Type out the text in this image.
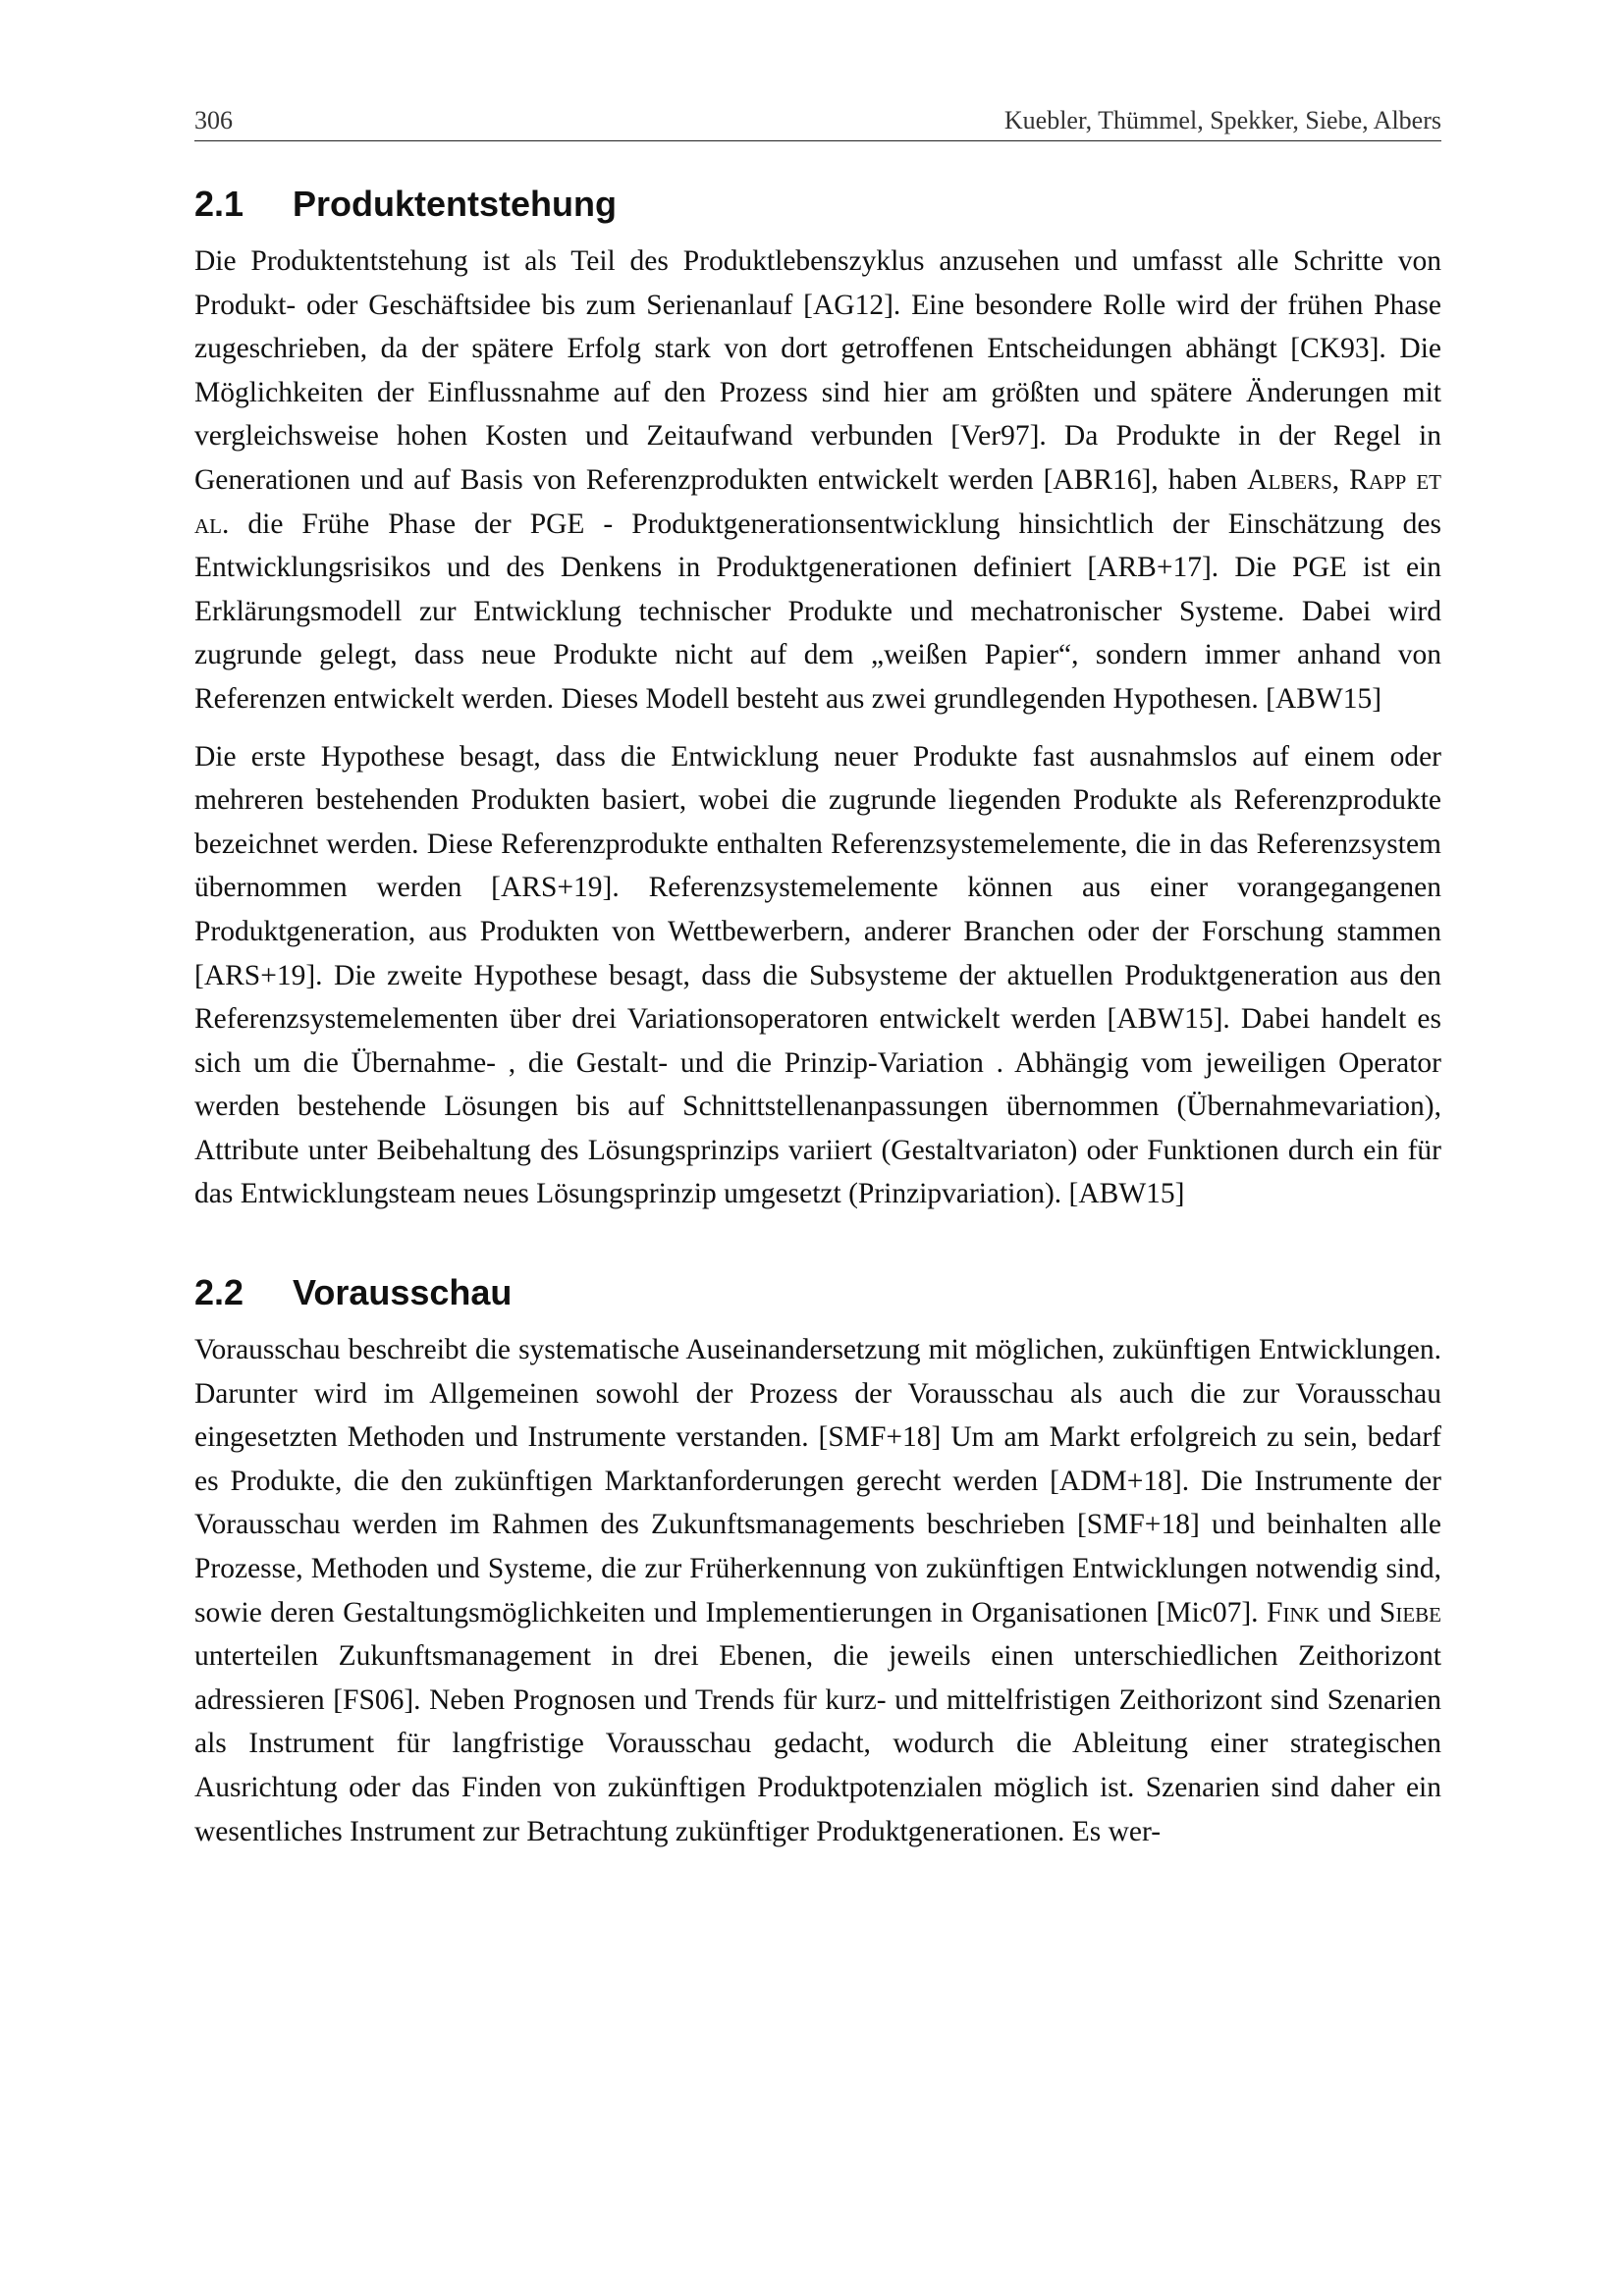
306	Kuebler, Thümmel, Spekker, Siebe, Albers
2.1	Produktentstehung

Die Produktentstehung ist als Teil des Produktlebenszyklus anzusehen und umfasst alle Schritte von Produkt- oder Geschäftsidee bis zum Serienanlauf [AG12]. Eine besondere Rolle wird der frühen Phase zugeschrieben, da der spätere Erfolg stark von dort getroffenen Entscheidungen abhängt [CK93]. Die Möglichkeiten der Einflussnahme auf den Prozess sind hier am größten und spätere Änderungen mit vergleichsweise hohen Kosten und Zeitaufwand verbunden [Ver97]. Da Produkte in der Regel in Generationen und auf Basis von Referenzprodukten entwickelt werden [ABR16], haben Albers, Rapp et al. die Frühe Phase der PGE - Produktgenerationsentwicklung hinsichtlich der Einschätzung des Entwicklungsrisikos und des Denkens in Produktgenerationen definiert [ARB+17]. Die PGE ist ein Erklärungsmodell zur Entwicklung technischer Produkte und mechatronischer Systeme. Dabei wird zugrunde gelegt, dass neue Produkte nicht auf dem „weißen Papier“, sondern immer anhand von Referenzen entwickelt werden. Dieses Modell besteht aus zwei grundlegenden Hypothesen. [ABW15]

Die erste Hypothese besagt, dass die Entwicklung neuer Produkte fast ausnahmslos auf einem oder mehreren bestehenden Produkten basiert, wobei die zugrunde liegenden Produkte als Referenzprodukte bezeichnet werden. Diese Referenzprodukte enthalten Referenzsystemelemente, die in das Referenzsystem übernommen werden [ARS+19]. Referenzsystemelemente können aus einer vorangegangenen Produktgeneration, aus Produkten von Wettbewerbern, anderer Branchen oder der Forschung stammen [ARS+19]. Die zweite Hypothese besagt, dass die Subsysteme der aktuellen Produktgeneration aus den Referenzsystemelementen über drei Variationsoperatoren entwickelt werden [ABW15]. Dabei handelt es sich um die Übernahme- , die Gestalt- und die Prinzip-Variation . Abhängig vom jeweiligen Operator werden bestehende Lösungen bis auf Schnittstellenanpassungen übernommen (Übernahmevariation), Attribute unter Beibehaltung des Lösungsprinzips variiert (Gestaltvariaton) oder Funktionen durch ein für das Entwicklungsteam neues Lösungsprinzip umgesetzt (Prinzipvariation). [ABW15]

2.2	Vorausschau

Vorausschau beschreibt die systematische Auseinandersetzung mit möglichen, zukünftigen Entwicklungen. Darunter wird im Allgemeinen sowohl der Prozess der Vorausschau als auch die zur Vorausschau eingesetzten Methoden und Instrumente verstanden. [SMF+18] Um am Markt erfolgreich zu sein, bedarf es Produkte, die den zukünftigen Marktanforderungen gerecht werden [ADM+18]. Die Instrumente der Vorausschau werden im Rahmen des Zukunftsmanagements beschrieben [SMF+18] und beinhalten alle Prozesse, Methoden und Systeme, die zur Früherkennung von zukünftigen Entwicklungen notwendig sind, sowie deren Gestaltungsmöglichkeiten und Implementierungen in Organisationen [Mic07]. Fink und Siebe unterteilen Zukunftsmanagement in drei Ebenen, die jeweils einen unterschiedlichen Zeithorizont adressieren [FS06]. Neben Prognosen und Trends für kurz- und mittelfristigen Zeithorizont sind Szenarien als Instrument für langfristige Vorausschau gedacht, wodurch die Ableitung einer strategischen Ausrichtung oder das Finden von zukünftigen Produktpotenzialen möglich ist. Szenarien sind daher ein wesentliches Instrument zur Betrachtung zukünftiger Produktgenerationen. Es wer-
